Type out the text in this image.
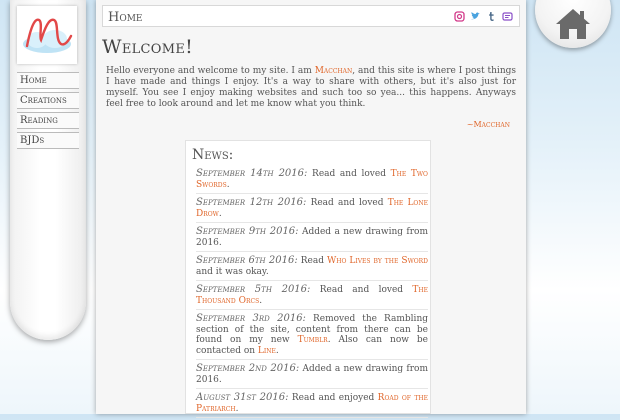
Home
Creations
Reading
BJDs
Home
Welcome!
Hello everyone and welcome to my site. I am Macchan, and this site is where I post things I have made and things I enjoy. It's a way to share with others, but it's also just for myself. You see I enjoy making websites and such too so yea... this happens. Anyways feel free to look around and let me know what you think.
~Macchan
News:
September 14th 2016: Read and loved The Two Swords.
September 12th 2016: Read and loved The Lone Drow.
September 9th 2016: Added a new drawing from 2016.
September 6th 2016: Read Who Lives by the Sword and it was okay.
September 5th 2016: Read and loved The Thousand Orcs.
September 3rd 2016: Removed the Rambling section of the site, content from there can be found on my new Tumblr. Also can now be contacted on Line.
September 2nd 2016: Added a new drawing from 2016.
August 31st 2016: Read and enjoyed Road of the Patriarch.
